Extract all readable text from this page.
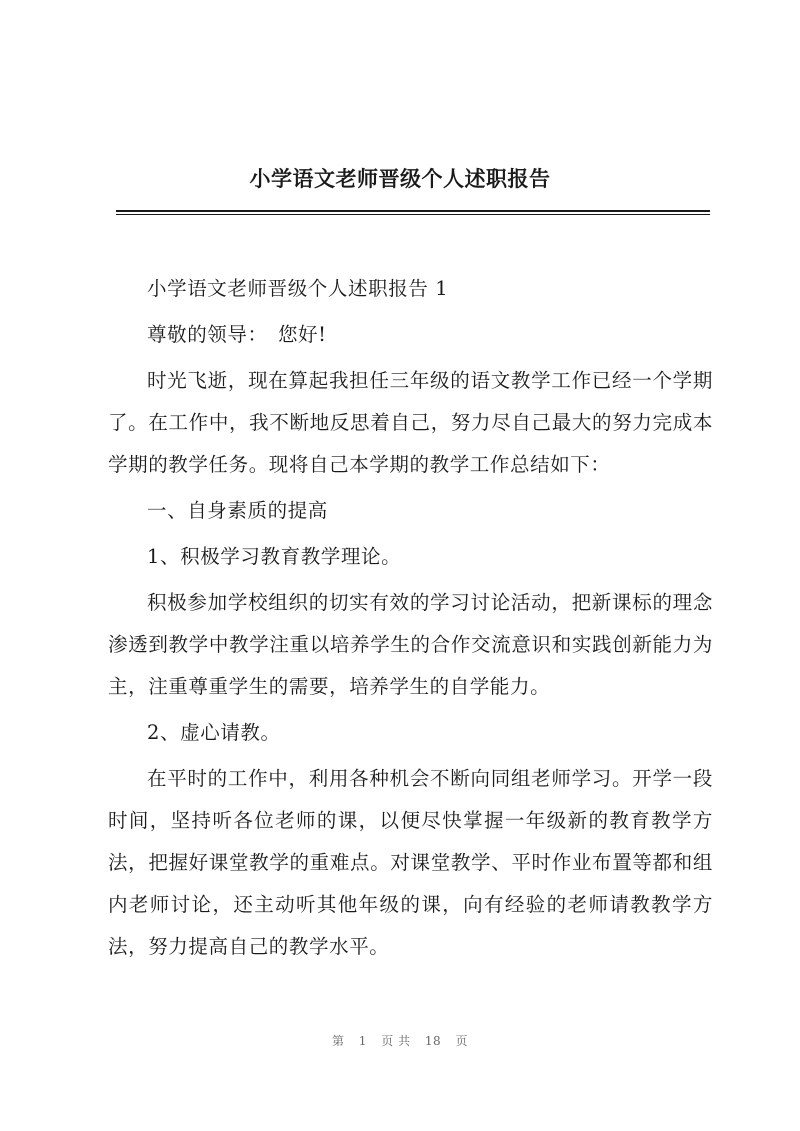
小学语文老师晋级个人述职报告

小学语文老师晋级个人述职报告 1

尊敬的领导：　您好!

时光飞逝，现在算起我担任三年级的语文教学工作已经一个学期了。在工作中，我不断地反思着自己，努力尽自己最大的努力完成本学期的教学任务。现将自己本学期的教学工作总结如下：

一、自身素质的提高

1、积极学习教育教学理论。

积极参加学校组织的切实有效的学习讨论活动，把新课标的理念渗透到教学中教学注重以培养学生的合作交流意识和实践创新能力为主，注重尊重学生的需要，培养学生的自学能力。

2、虚心请教。

在平时的工作中，利用各种机会不断向同组老师学习。开学一段时间，坚持听各位老师的课，以便尽快掌握一年级新的教育教学方法，把握好课堂教学的重难点。对课堂教学、平时作业布置等都和组内老师讨论，还主动听其他年级的课，向有经验的老师请教教学方法，努力提高自己的教学水平。

第 1 页 共 18 页
